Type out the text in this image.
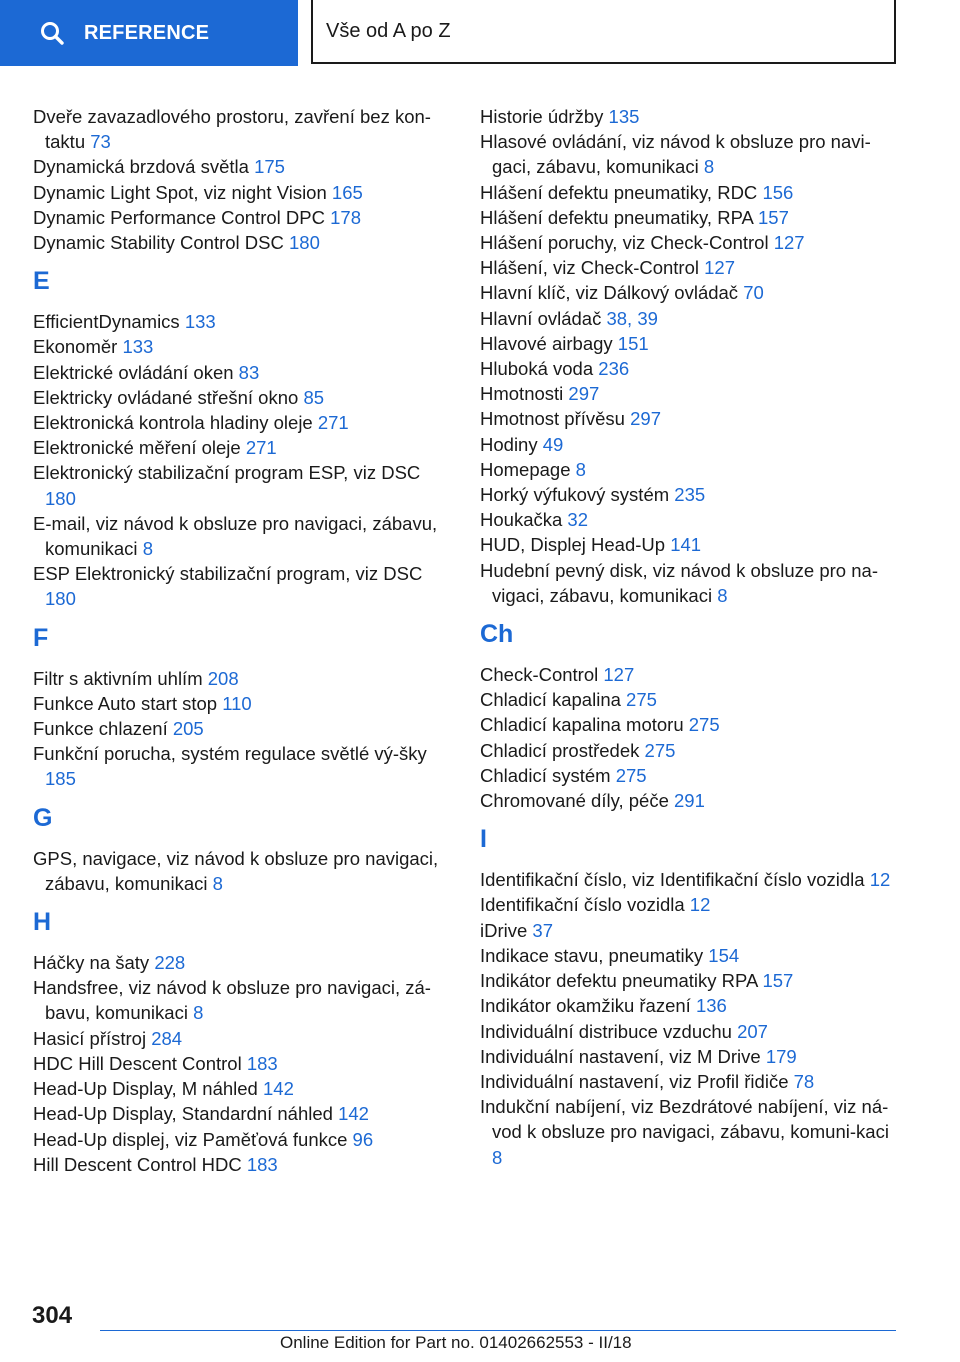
REFERENCE	Vše od A po Z
Dveře zavazadlového prostoru, zavření bez kon-taktu 73
Dynamická brzdová světla 175
Dynamic Light Spot, viz night Vision 165
Dynamic Performance Control DPC 178
Dynamic Stability Control DSC 180
E
EfficientDynamics 133
Ekonoměr 133
Elektrické ovládání oken 83
Elektricky ovládané střešní okno 85
Elektronická kontrola hladiny oleje 271
Elektronické měření oleje 271
Elektronický stabilizační program ESP, viz DSC 180
E-mail, viz návod k obsluze pro navigaci, zábavu, komunikaci 8
ESP Elektronický stabilizační program, viz DSC 180
F
Filtr s aktivním uhlím 208
Funkce Auto start stop 110
Funkce chlazení 205
Funkční porucha, systém regulace světlé vý-šky 185
G
GPS, navigace, viz návod k obsluze pro navigaci, zábavu, komunikaci 8
H
Háčky na šaty 228
Handsfree, viz návod k obsluze pro navigaci, zá-bavu, komunikaci 8
Hasicí přístroj 284
HDC Hill Descent Control 183
Head-Up Display, M náhled 142
Head-Up Display, Standardní náhled 142
Head-Up displej, viz Paměťová funkce 96
Hill Descent Control HDC 183
Historie údržby 135
Hlasové ovládání, viz návod k obsluze pro navi-gaci, zábavu, komunikaci 8
Hlášení defektu pneumatiky, RDC 156
Hlášení defektu pneumatiky, RPA 157
Hlášení poruchy, viz Check-Control 127
Hlášení, viz Check-Control 127
Hlavní klíč, viz Dálkový ovládač 70
Hlavní ovládač 38, 39
Hlavové airbagy 151
Hluboká voda 236
Hmotnosti 297
Hmotnost přívěsu 297
Hodiny 49
Homepage 8
Horký výfukový systém 235
Houkačka 32
HUD, Displej Head-Up 141
Hudební pevný disk, viz návod k obsluze pro na-vigaci, zábavu, komunikaci 8
Ch
Check-Control 127
Chladicí kapalina 275
Chladicí kapalina motoru 275
Chladicí prostředek 275
Chladicí systém 275
Chromované díly, péče 291
I
Identifikační číslo, viz Identifikační číslo vozidla 12
Identifikační číslo vozidla 12
iDrive 37
Indikace stavu, pneumatiky 154
Indikátor defektu pneumatiky RPA 157
Indikátor okamžiku řazení 136
Individuální distribuce vzduchu 207
Individuální nastavení, viz M Drive 179
Individuální nastavení, viz Profil řidiče 78
Indukční nabíjení, viz Bezdrátové nabíjení, viz ná-vod k obsluze pro navigaci, zábavu, komuni-kaci 8
304
Online Edition for Part no. 01402662553 - II/18
